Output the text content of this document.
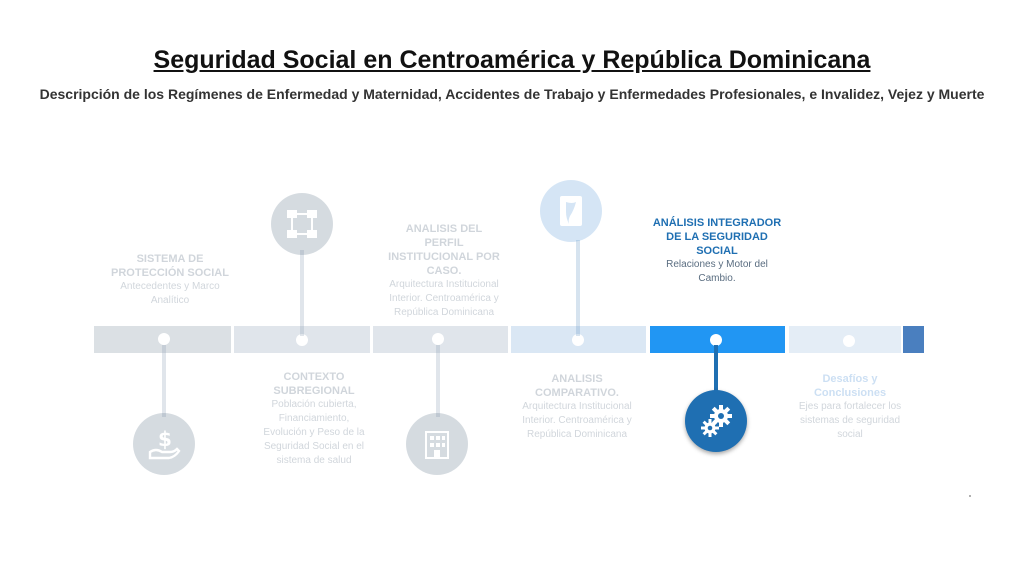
Seguridad Social en Centroamérica y República Dominicana
Descripción de los Regímenes de Enfermedad y Maternidad, Accidentes de Trabajo y Enfermedades Profesionales, e Invalidez, Vejez y Muerte
$
SISTEMA DE PROTECCIÓN SOCIAL
Antecedentes y Marco Analítico
CONTEXTO SUBREGIONAL
Población cubierta, Financiamiento, Evolución y Peso de la Seguridad Social en el sistema de salud
ANALISIS DEL PERFIL INSTITUCIONAL POR CASO.
Arquitectura Institucional Interior. Centroamérica y República Dominicana
ANALISIS COMPARATIVO.
Arquitectura Institucional Interior. Centroamérica y República Dominicana
ANÁLISIS INTEGRADOR DE LA SEGURIDAD SOCIAL
Relaciones y Motor del Cambio.
Desafíos y Conclusiones
Ejes para fortalecer los sistemas de seguridad social
